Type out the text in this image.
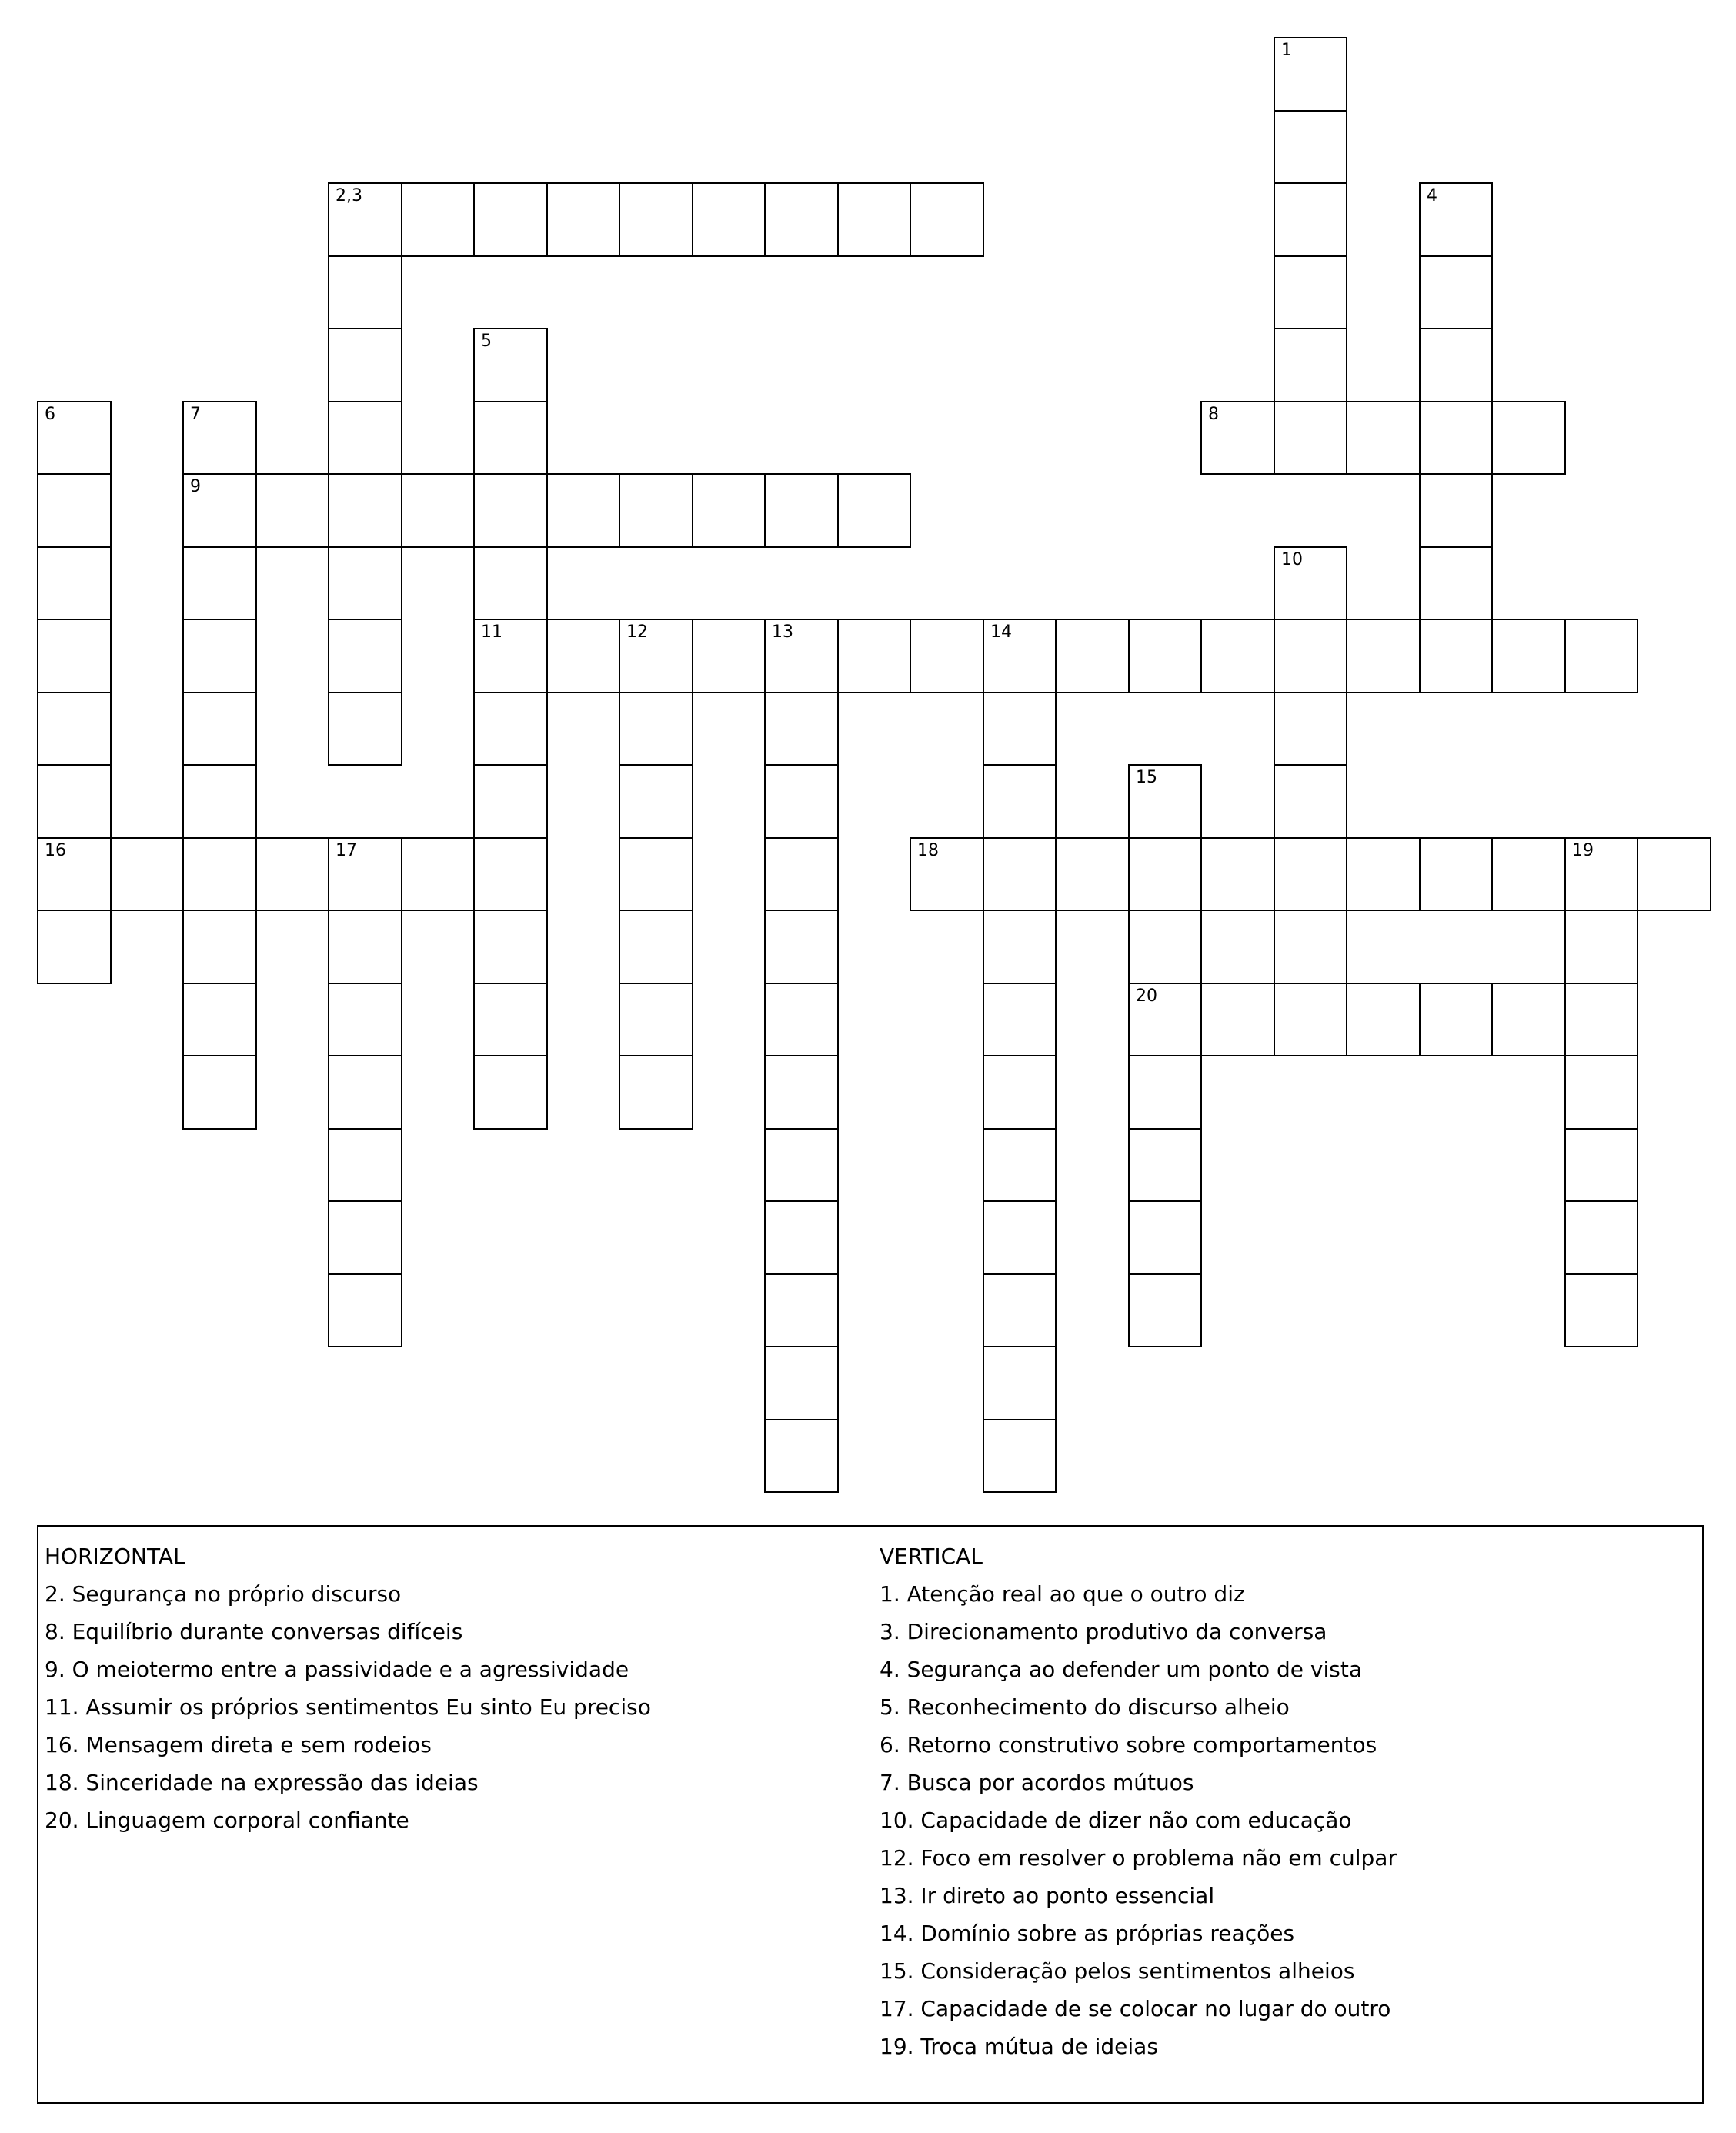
1
2,3	4
5
11
6
16
7
9
8
10
12	13	14
15
20
17	18	19
HORIZONTAL
2. Segurança no próprio discurso
8. Equilíbrio durante conversas difíceis
9. O meiotermo entre a passividade e a agressividade
11. Assumir os próprios sentimentos Eu sinto Eu preciso
16. Mensagem direta e sem rodeios
18. Sinceridade na expressão das ideias
20. Linguagem corporal confiante
VERTICAL
1. Atenção real ao que o outro diz
3. Direcionamento produtivo da conversa
4. Segurança ao defender um ponto de vista
5. Reconhecimento do discurso alheio
6. Retorno construtivo sobre comportamentos
7. Busca por acordos mútuos
10. Capacidade de dizer não com educação
12. Foco em resolver o problema não em culpar
13. Ir direto ao ponto essencial
14. Domínio sobre as próprias reações
15. Consideração pelos sentimentos alheios
17. Capacidade de se colocar no lugar do outro
19. Troca mútua de ideias
